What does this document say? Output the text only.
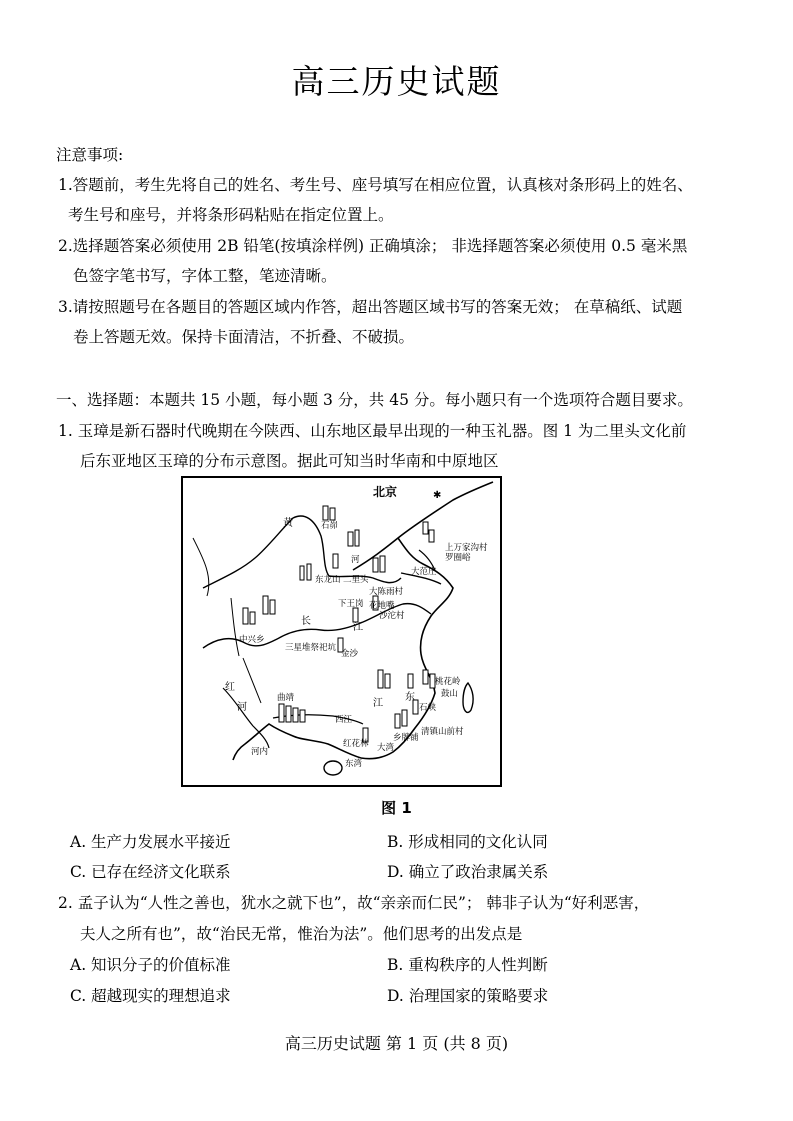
高三历史试题
注意事项:
1.答题前，考生先将自己的姓名、考生号、座号填写在相应位置，认真核对条形码上的姓名、
考生号和座号，并将条形码粘贴在指定位置上。
2.选择题答案必须使用 2B 铅笔(按填涂样例) 正确填涂； 非选择题答案必须使用 0.5 毫米黑
色签字笔书写，字体工整，笔迹清晰。
3.请按照题号在各题目的答题区域内作答，超出答题区域书写的答案无效； 在草稿纸、试题
卷上答题无效。保持卡面清洁，不折叠、不破损。
一、选择题：本题共 15 小题，每小题 3 分，共 45 分。每小题只有一个选项符合题目要求。
1. 玉璋是新石器时代晚期在今陕西、山东地区最早出现的一种玉礼器。图 1 为二里头文化前
后东亚地区玉璋的分布示意图。据此可知当时华南和中原地区
✱
北京
石峁
黄
河
东龙山 二里头
下王岗
长
江
三星堆祭祀坑
金沙
中兴乡
红
河
河内
西江
江
东
红花林 大湾
东湾
上万家沟村
大范庄
罗圈峪
大陈雨村
花地嘴
沙沱村
桃花岭
石峡
乡牌铺
鼓山
清镇山前村
曲靖
图 1
A. 生产力发展水平接近	B. 形成相同的文化认同
C. 已存在经济文化联系	D. 确立了政治隶属关系
2. 孟子认为“人性之善也，犹水之就下也”，故“亲亲而仁民”； 韩非子认为“好利恶害，
夫人之所有也”，故“治民无常，惟治为法”。他们思考的出发点是
A. 知识分子的价值标准	B. 重构秩序的人性判断
C. 超越现实的理想追求	D. 治理国家的策略要求
高三历史试题 第 1 页 (共 8 页)
